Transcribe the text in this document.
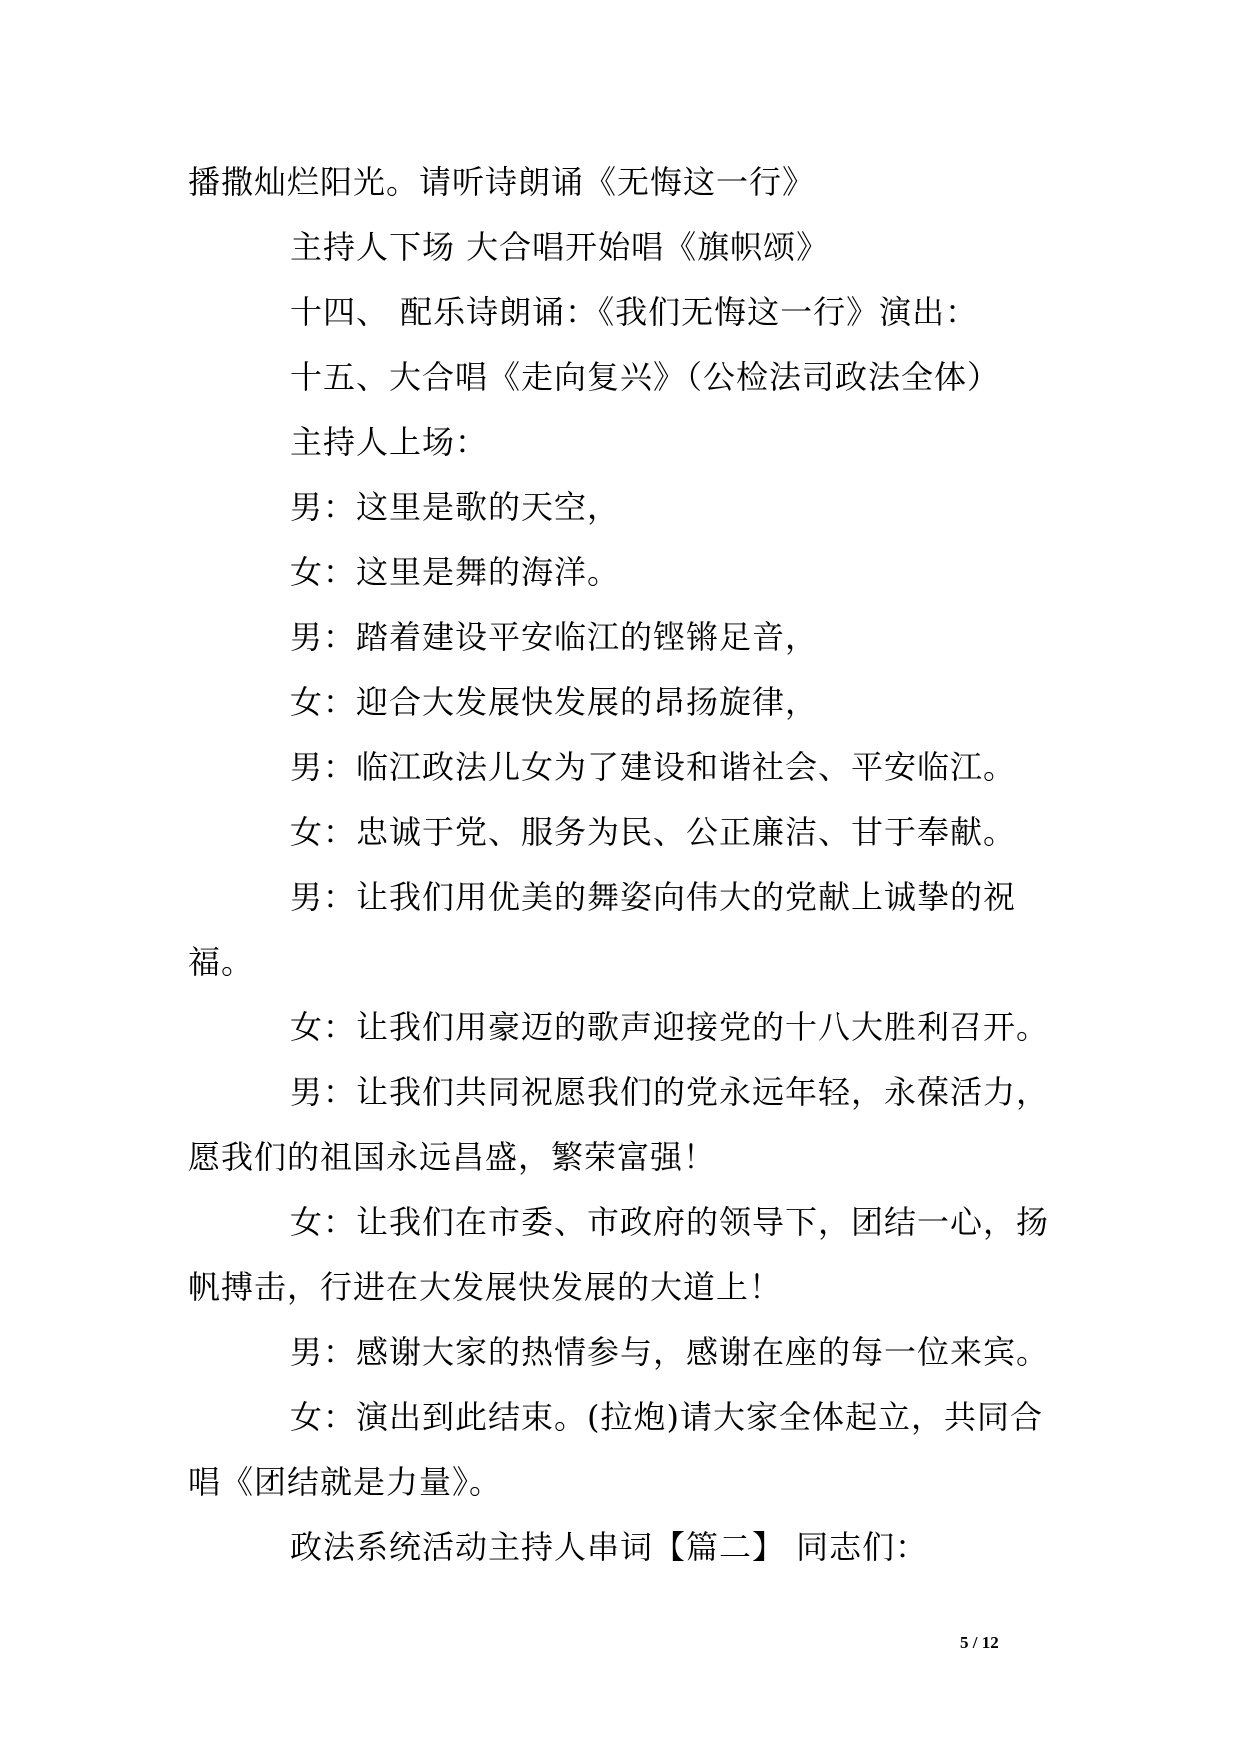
播撒灿烂阳光。请听诗朗诵《无悔这一行》
主持人下场 大合唱开始唱《旗帜颂》
十四、 配乐诗朗诵：《我们无悔这一行》演出：
十五、大合唱《走向复兴》（公检法司政法全体）
主持人上场：
男：这里是歌的天空，
女：这里是舞的海洋。
男：踏着建设平安临江的铿锵足音，
女：迎合大发展快发展的昂扬旋律，
男：临江政法儿女为了建设和谐社会、平安临江。
女：忠诚于党、服务为民、公正廉洁、甘于奉献。
男：让我们用优美的舞姿向伟大的党献上诚挚的祝
福。
女：让我们用豪迈的歌声迎接党的十八大胜利召开。
男：让我们共同祝愿我们的党永远年轻，永葆活力，
愿我们的祖国永远昌盛，繁荣富强！
女：让我们在市委、市政府的领导下，团结一心，扬
帆搏击，行进在大发展快发展的大道上！
男：感谢大家的热情参与，感谢在座的每一位来宾。
女：演出到此结束。(拉炮)请大家全体起立，共同合
唱《团结就是力量》。
政法系统活动主持人串词【篇二】 同志们：
5 / 12
